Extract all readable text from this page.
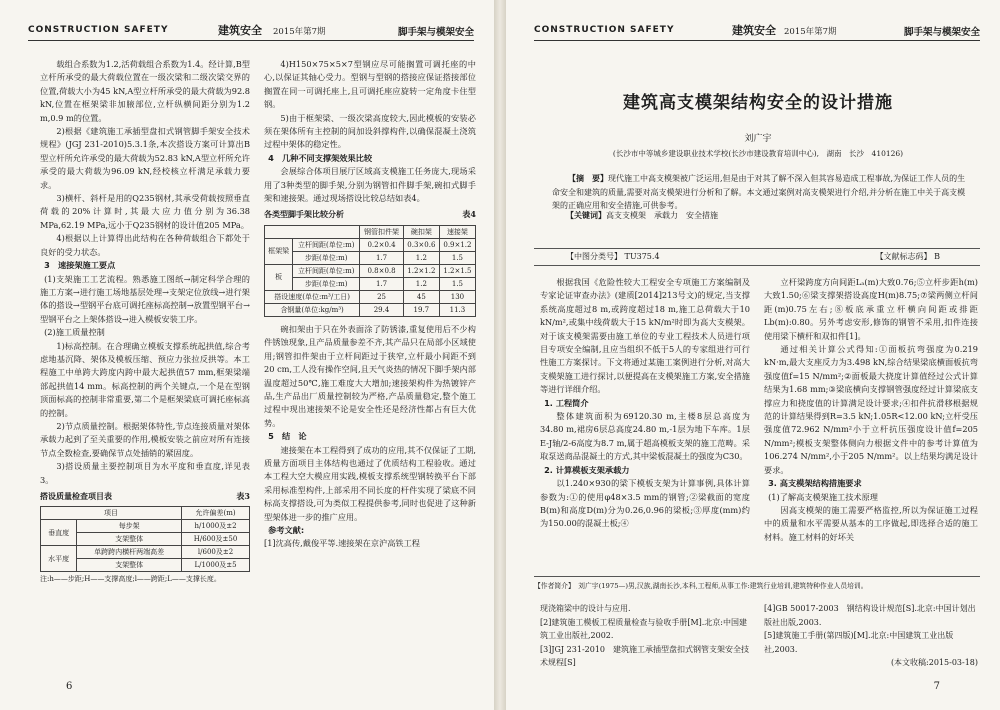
CONSTRUCTION SAFETY	建筑安全 2015年第7期	脚手架与模架安全

载组合系数为1.2,活荷载组合系数为1.4。经计算,B型立杆所承受的最大荷载位置在一级次梁和二级次梁交界的位置,荷载大小为45 kN,A型立杆所承受的最大荷载为92.8 kN,位置在框架梁非加腋部位,立杆纵横间距分别为1.2 m,0.9 m的位置。

2)根据《建筑施工承插型盘扣式钢管脚手架安全技术规程》(JGJ 231-2010)5.3.1条,本次搭设方案可计算出B型立杆所允许承受的最大荷载为52.83 kN,A型立杆所允许承受的最大荷载为96.09 kN,经校核立杆满足承载力要求。

3)横杆、斜杆是用的Q235钢材,其承受荷载按照垂直荷载的20%计算时,其最大应力值分别为36.38 MPa,62.19 MPa,远小于Q235钢材的设计值205 MPa。

4)根据以上计算得出此结构在各种荷载组合下都处于良好的受力状态。

3　速接架施工要点

(1)支架施工工艺流程。熟悉施工图纸→制定科学合理的施工方案→进行施工场地基层处理→支架定位放线→进行架体的搭设→型钢平台底可调托座标高控制→放置型钢平台→型钢平台之上架体搭设→进入模板安装工序。

(2)施工质量控制

1)标高控制。在合理确立模板支撑系统起拱值,综合考虑地基沉降、架体及模板压缩、预应力张拉反拱等。本工程施工中单跨大跨度内跨中最大起拱值57 mm,框架梁端部起拱值14 mm。标高控制的两个关键点,一个是在型钢顶面标高的控制非常重要,第二个是框架梁底可调托座标高的控制。

2)节点质量控制。根据架体特性,节点连接质量对架体承载力起到了至关重要的作用,模板安装之前应对所有连接节点全数检查,要确保节点处插销的紧固度。

3)搭设质量主要控制项目为水平度和垂直度,详见表3。

搭设质量检查项目表	表3
项目		允许偏差(m)
垂直度	每步架	h/1000及±2
	支架整体	H/600及±50
水平度	单跨跨内横杆两端高差	l/600及±2
	支架整体	L/1000及±5
注:h——步距;H——支撑高度;l——跨距;L——支撑长度。

4)H150×75×5×7型钢应尽可能搁置可调托座的中心,以保证其轴心受力。型钢与型钢的搭接应保证搭接部位搁置在同一可调托座上,且可调托座应旋转一定角度卡住型钢。

5)由于框架梁、一级次梁高度较大,因此模板的安装必须在架体所有主控制的间加设斜撑构件,以确保混凝土浇筑过程中架体的稳定性。

4　几种不同支撑架效果比较

会展综合体项目展厅区域高支模施工任务庞大,现场采用了3种类型的脚手架,分别为钢管扣件脚手架,碗扣式脚手架和速接架。通过现场搭设比较总结如表4。

各类型脚手架比较分析	表4
		钢管扣件架	碗扣架	速接架
框架梁	立杆间距(单位:m)	0.2×0.4	0.3×0.6	0.9×1.2
	步距(单位:m)	1.7	1.2	1.5
板	立杆间距(单位:m)	0.8×0.8	1.2×1.2	1.2×1.5
	步距(单位:m)	1.7	1.2	1.5
搭设速度(单位:m³/工日)		25	45	130
含钢量(单位:kg/m³)		29.4	19.7	11.3

碗扣架由于只在外表面涂了防锈漆,重复使用后不少构件锈蚀现象,且产品质量参差不齐,其产品只在局部小区域使用;钢管扣件架由于立杆间距过于狭窄,立杆最小间距不到20 cm,工人没有操作空间,且天气炎热的情况下脚手架内部温度超过50℃,施工难度大大增加;速接架构件为热镀锌产品,生产品出厂质量控制较为严格,产品质量稳定,整个施工过程中现出速接架不论是安全性还是经济性都占有巨大优势。

5　结　论

速接架在本工程得到了成功的应用,其不仅保证了工期,质量方面项目主体结构也通过了优质结构工程验收。通过本工程大空大模应用实践,模板支撑系统型钢转换平台下部采用标准型构件,上部采用不同长度的杆件实现了梁底不同标高支撑搭设,可为类似工程提供参考,同时也促进了这种新型架体进一步的推广应用。

参考文献:

[1]沈高传,戴俊平等.速接架在京沪高铁工程

6
CONSTRUCTION SAFETY	建筑安全 2015年第7期	脚手架与模架安全
建筑高支模架结构安全的设计措施
刘广宇
(长沙市中等城乡建设职业技术学校(长沙市建设教育培训中心),　湖南　长沙　410126)
【摘　要】现代施工中高支模架被广泛运用,但是由于对其了解不深入但其容易造成工程事故,为保证工作人员的生命安全和建筑的质量,需要对高支模架进行分析和了解。本文通过案例对高支模架进行介绍,并分析在施工中关于高支模架的正确应用和安全措施,可供参考。
【关键词】高支支模架　承载力　安全措施
【中图分类号】 TU375.4	【文献标志码】 B

根据我国《危险性较大工程安全专项施工方案编制及专家论证审查办法》(建质[2014]213号文)的规定,当支撑系统高度超过8 m,或跨度超过18 m,施工总荷载大于10 kN/m²,或集中线荷载大于15 kN/m²时即为高大支模架。对于该支模架需要由施工单位的专业工程技术人员进行项目专项安全编制,且应当组织不低于5人的专家组进行可行性施工方案探讨。下文将通过某施工案例进行分析,对高大支模架施工进行探讨,以便提高在支模架施工方案,安全措施等进行详细介绍。

1. 工程简介

整体建筑面积为69120.30 m,主楼8层总高度为34.80 m,裙房6层总高度24.80 m,-1层为地下车库。1层E-J轴/2-6高度为8.7 m,属于超高模板支架的施工范畴。采取泵送商品混凝土的方式,其中梁板混凝土的强度为C30。

2. 计算模板支架承载力

以1.240×930的梁下模板支架为计算事例,具体计算参数为:①的使用φ48×3.5 mm的钢管;②梁截面的宽度B(m)和高度D(m)分为0.26,0.96的梁板;③厚度(mm)约为150.00的混凝土板;④

立杆梁跨度方向间距Lₐ(m)大致0.76;⑤立杆步距h(m)大致1.50;⑥梁支撑架搭设高度H(m)8.75;⑦梁两侧立杆间距(m)0.75左右;⑧板底承重立杆横向间距或排距Lb(m):0.80。另外考虑安形,修饰的钢管不采用,扣件连接使用梁下横杆和双扣件[1]。

通过相关计算公式得知:①面板抗弯强度为0.219 kN·m,最大支座反力为3.498 kN,综合结果梁底横面板抗弯强度值f=15 N/mm²;②面板最大挠度计算值经过公式计算结果为1.68 mm;③梁底横向支撑钢管强度经过计算梁底支撑应力和挠度值的计算满足设计要求;④扣件抗滑移根据规范的计算结果得到R=3.5 kN;1.05R<12.00 kN;立杆受压强度值72.962 N/mm²小于立杆抗压强度设计值f=205 N/mm²;模板支架整体侧向力根据文件中的参考计算值为106.274 N/mm²,小于205 N/mm²。以上结果均满足设计要求。

3. 高支模架结构措施要求

(1)了解高支模架施工技术原理

因高支模架的施工需要严格监控,所以为保证施工过程中的质量和水平需要从基本的工序做起,即选择合适的施工材料。施工材料的好坏关

【作者简介】　刘广宇(1975—)男,汉族,湖南长沙,本科,工程师,从事工作:建筑行业培训,建筑特种作业人员培训。
现浇箱梁中的设计与应用.
[2]建筑施工模板工程质量检查与验收手册[M].北京:中国建筑工业出版社,2002.
[3]JGJ 231-2010　建筑施工承插型盘扣式钢管支架安全技术规程[S]
[4]GB 50017-2003　钢结构设计规范[S].北京:中国计划出版社出版,2003.
[5]建筑施工手册(第四版)[M].北京:中国建筑工业出版社,2003.
(本文收稿:2015-03-18)
7
